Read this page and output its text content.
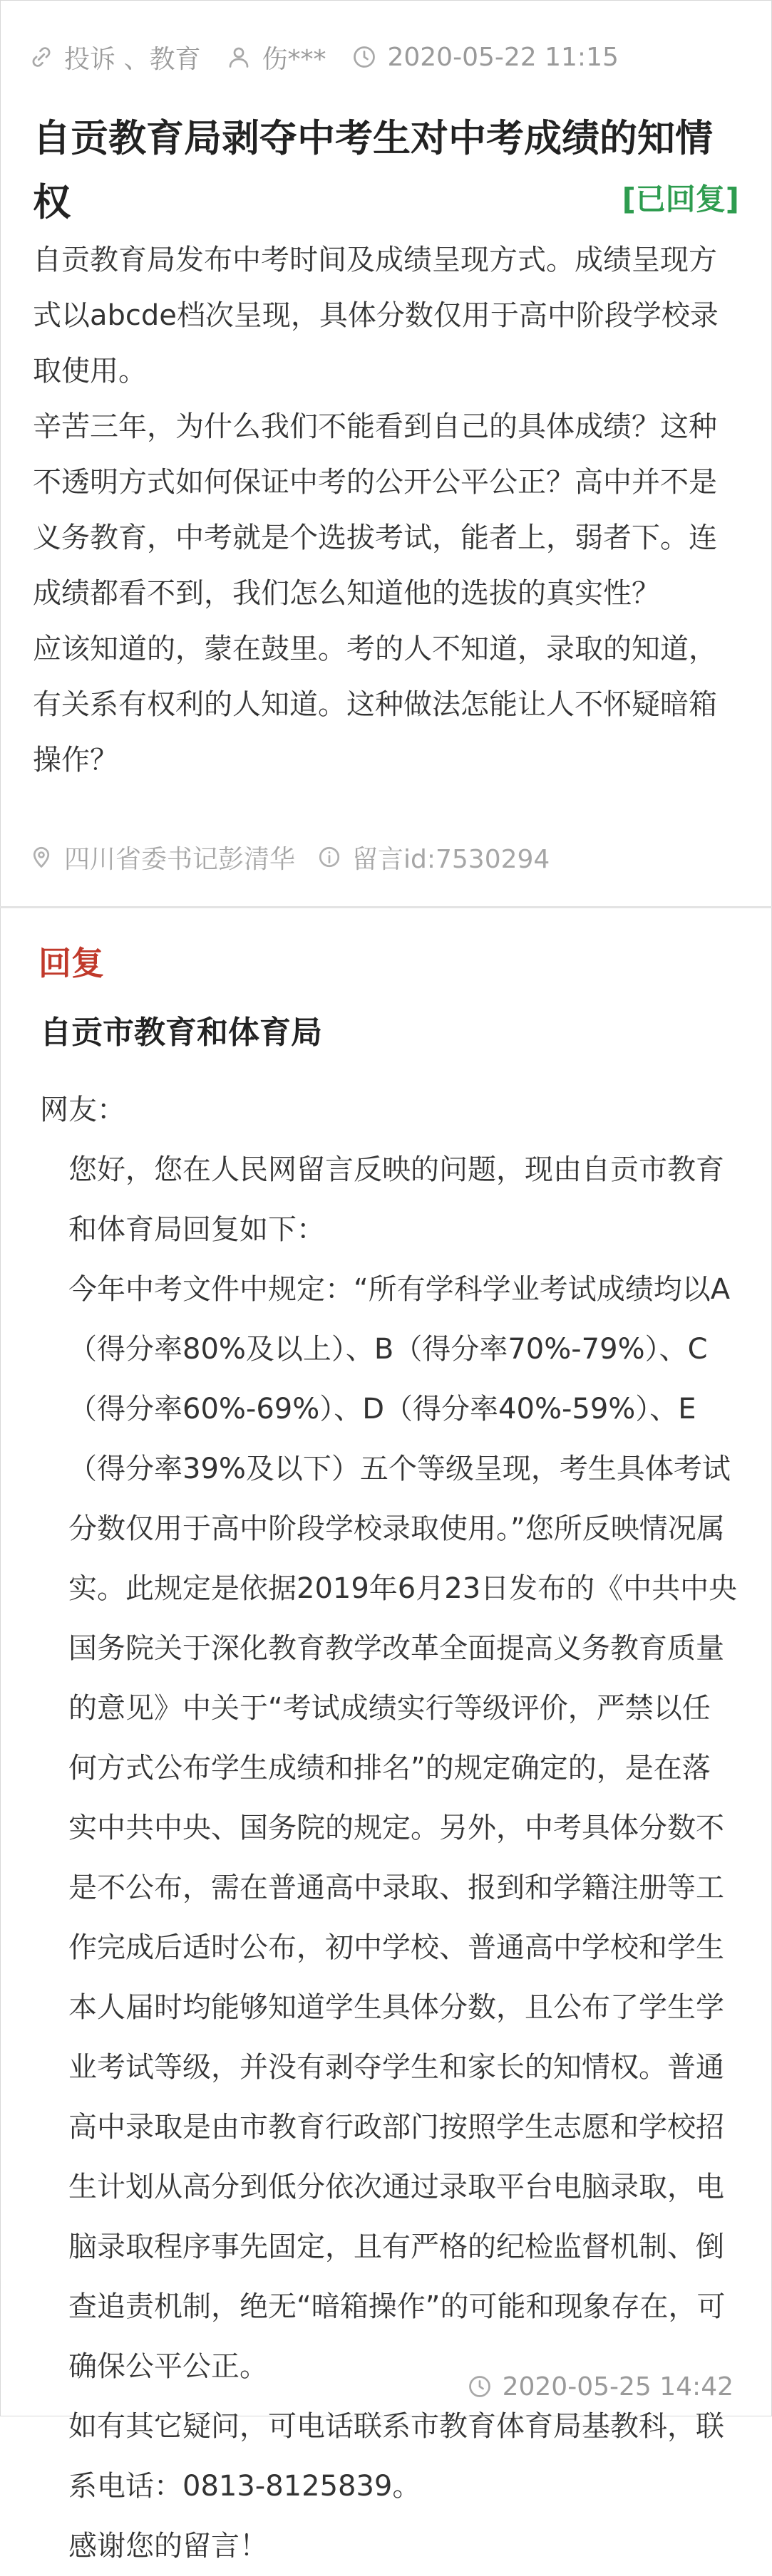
投诉 、教育 伤*** 2020-05-22 11:15
自贡教育局剥夺中考生对中考成绩的知情权	[已回复]

自贡教育局发布中考时间及成绩呈现方式。成绩呈现方式以abcde档次呈现，具体分数仅用于高中阶段学校录取使用。

辛苦三年，为什么我们不能看到自己的具体成绩？这种不透明方式如何保证中考的公开公平公正？高中并不是义务教育，中考就是个选拔考试，能者上，弱者下。连成绩都看不到，我们怎么知道他的选拔的真实性？

应该知道的，蒙在鼓里。考的人不知道，录取的知道，有关系有权利的人知道。这种做法怎能让人不怀疑暗箱操作？

四川省委书记彭清华 留言id:7530294
回复
自贡市教育和体育局

网友：

您好，您在人民网留言反映的问题，现由自贡市教育和体育局回复如下：

今年中考文件中规定：“所有学科学业考试成绩均以A（得分率80%及以上）、B（得分率70%-79%）、C（得分率60%-69%）、D（得分率40%-59%）、E（得分率39%及以下）五个等级呈现，考生具体考试分数仅用于高中阶段学校录取使用。”您所反映情况属实。此规定是依据2019年6月23日发布的《中共中央国务院关于深化教育教学改革全面提高义务教育质量的意见》中关于“考试成绩实行等级评价，严禁以任何方式公布学生成绩和排名”的规定确定的，是在落实中共中央、国务院的规定。另外，中考具体分数不是不公布，需在普通高中录取、报到和学籍注册等工作完成后适时公布，初中学校、普通高中学校和学生本人届时均能够知道学生具体分数，且公布了学生学业考试等级，并没有剥夺学生和家长的知情权。普通高中录取是由市教育行政部门按照学生志愿和学校招生计划从高分到低分依次通过录取平台电脑录取，电脑录取程序事先固定，且有严格的纪检监督机制、倒查追责机制，绝无“暗箱操作”的可能和现象存在，可确保公平公正。

如有其它疑问，可电话联系市教育体育局基教科，联系电话：0813-8125839。

感谢您的留言！

2020-05-25 14:42
